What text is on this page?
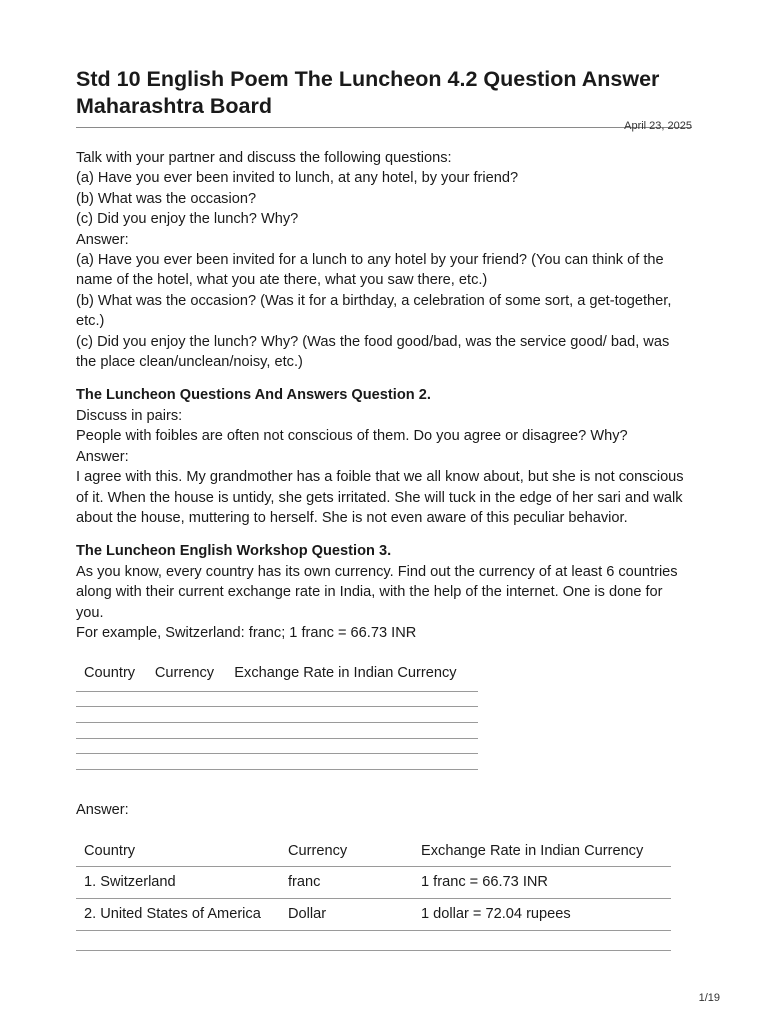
Std 10 English Poem The Luncheon 4.2 Question Answer Maharashtra Board
April 23, 2025

Talk with your partner and discuss the following questions:

(a) Have you ever been invited to lunch, at any hotel, by your friend?

(b) What was the occasion?

(c) Did you enjoy the lunch? Why?

Answer:

(a) Have you ever been invited for a lunch to any hotel by your friend? (You can think of the name of the hotel, what you ate there, what you saw there, etc.)

(b) What was the occasion? (Was it for a birthday, a celebration of some sort, a get-together, etc.)

(c) Did you enjoy the lunch? Why? (Was the food good/bad, was the service good/ bad, was the place clean/unclean/noisy, etc.)

The Luncheon Questions And Answers Question 2.

Discuss in pairs:

People with foibles are often not conscious of them. Do you agree or disagree? Why?

Answer:

I agree with this. My grandmother has a foible that we all know about, but she is not conscious of it. When the house is untidy, she gets irritated. She will tuck in the edge of her sari and walk about the house, muttering to herself. She is not even aware of this peculiar behavior.

The Luncheon English Workshop Question 3.

As you know, every country has its own currency. Find out the currency of at least 6 countries along with their current exchange rate in India, with the help of the internet. One is done for you.

For example, Switzerland: franc; 1 franc = 66.73 INR

Country	Currency	Exchange Rate in Indian Currency

Answer:

Country	Currency	Exchange Rate in Indian Currency
1. Switzerland	franc	1 franc = 66.73 INR
2. United States of America	Dollar	1 dollar = 72.04 rupees

1/19
